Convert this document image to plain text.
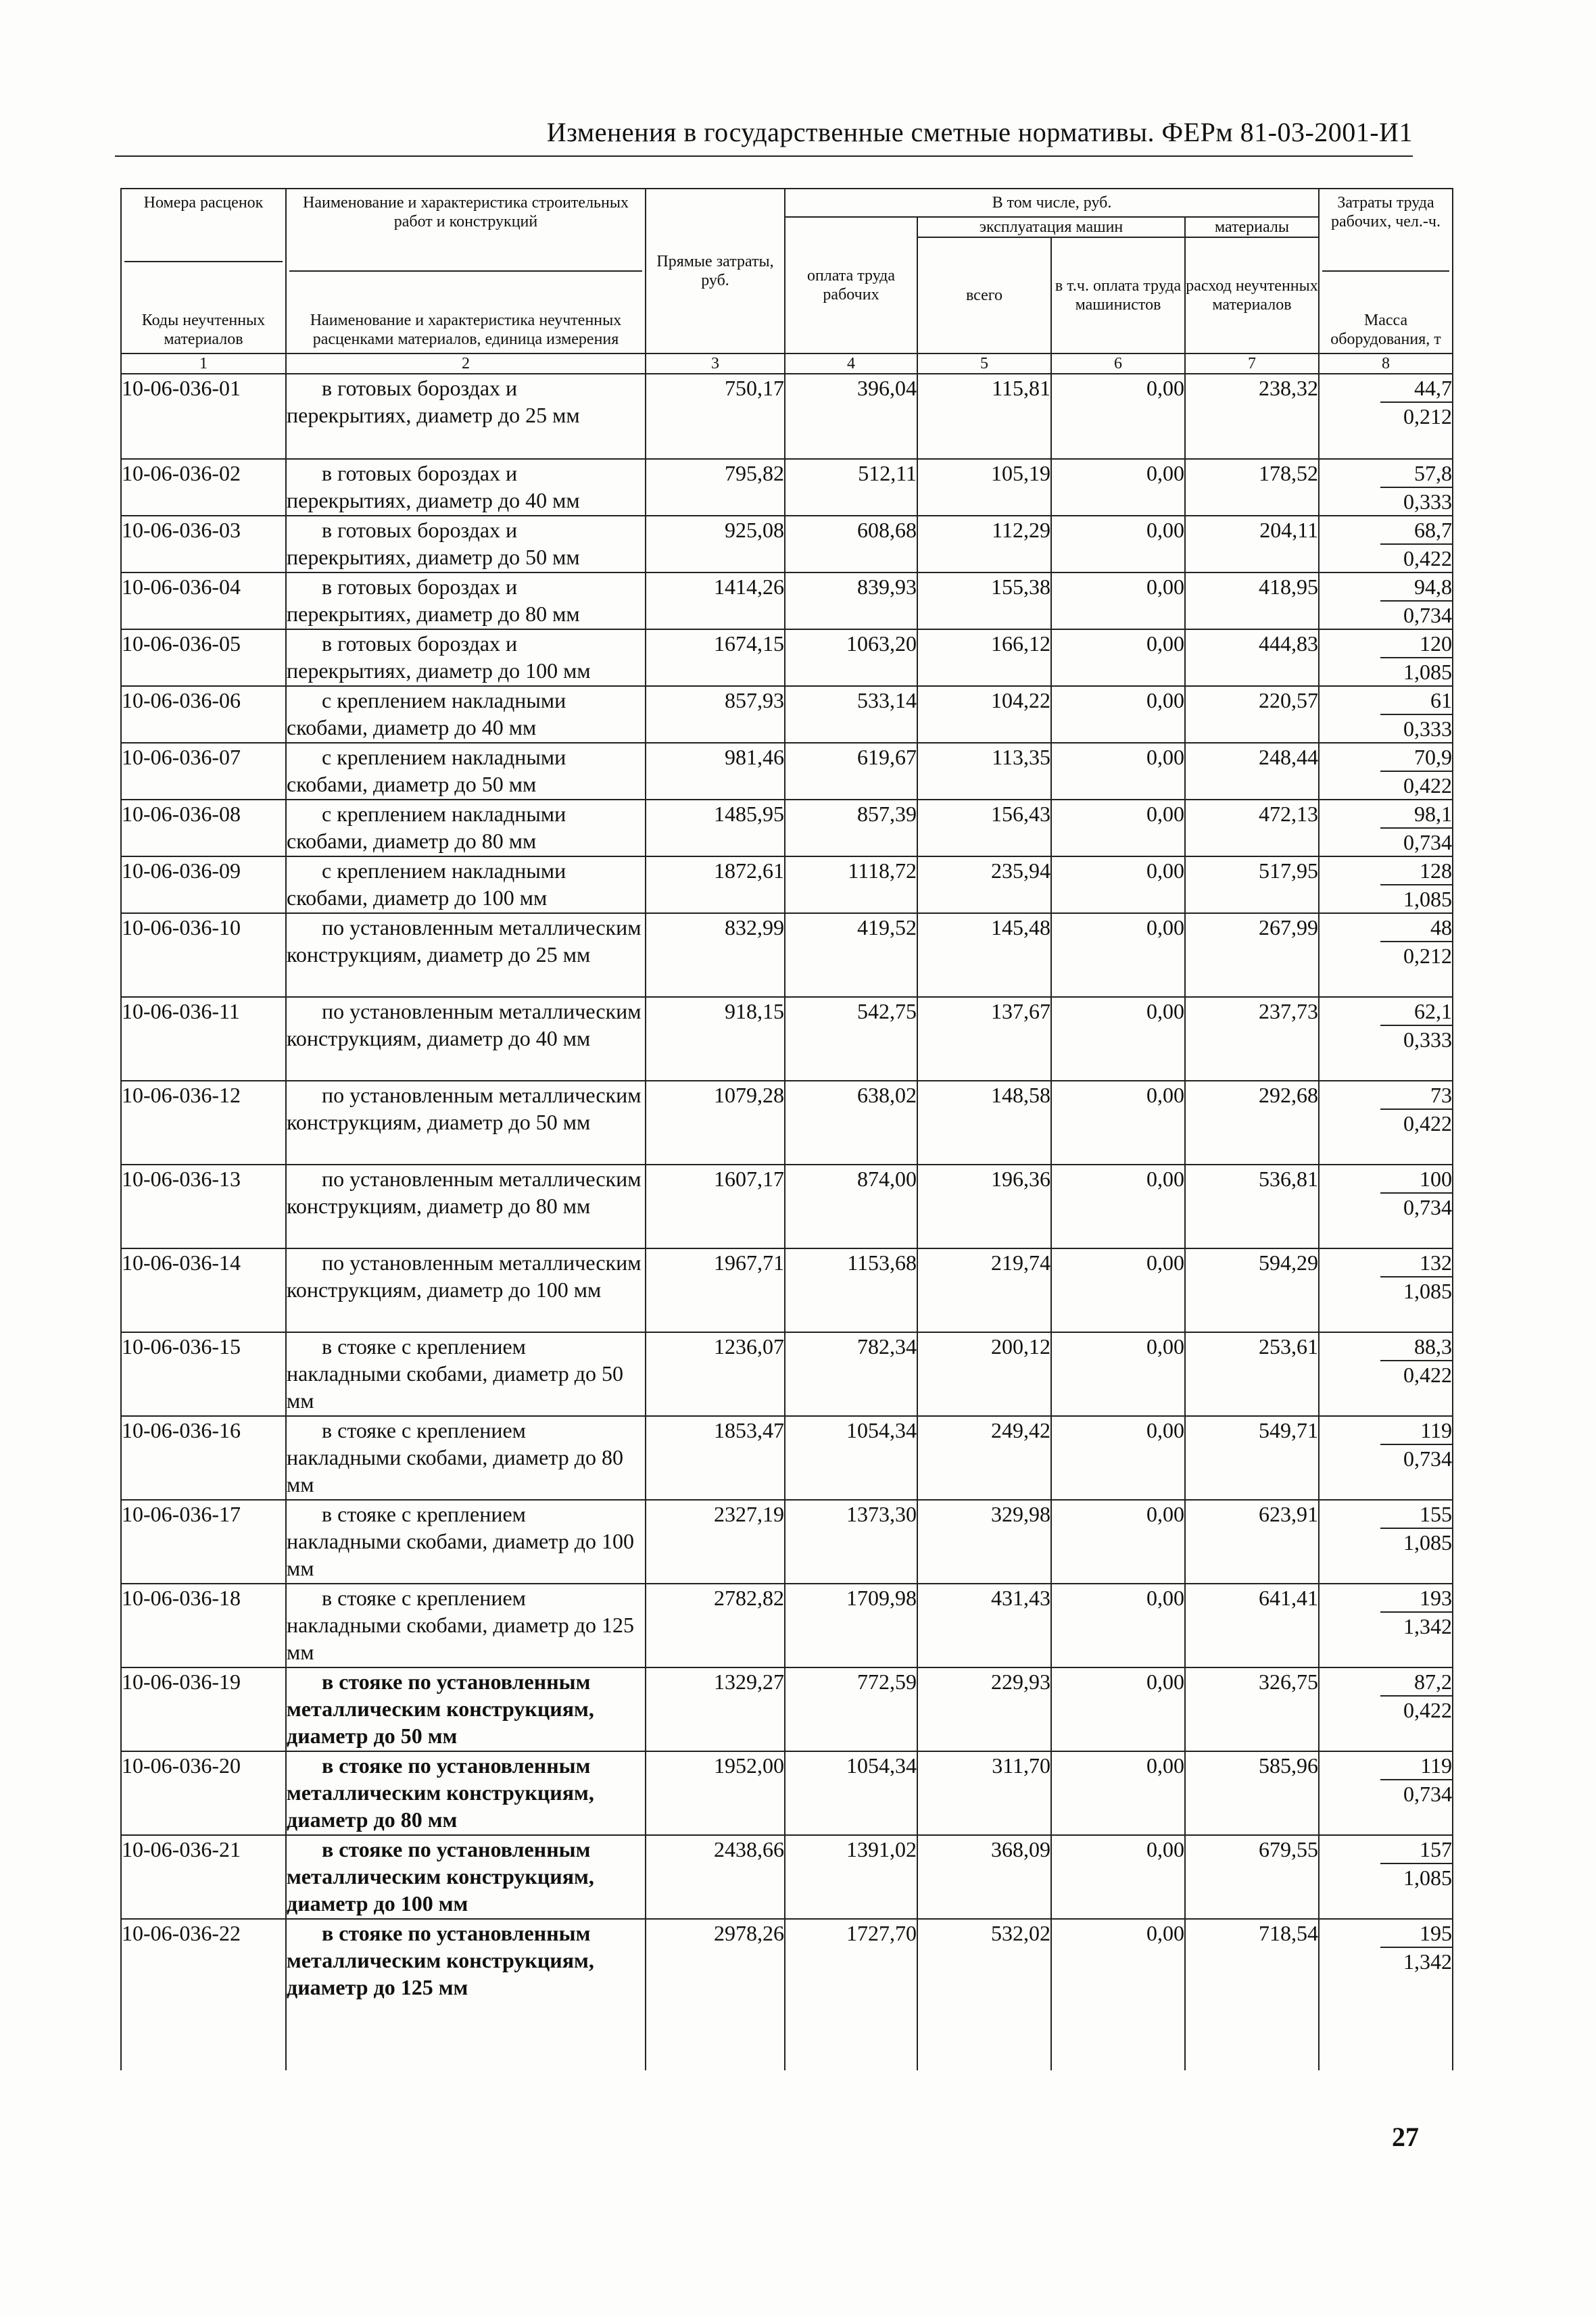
Изменения в государственные сметные нормативы. ФЕРм 81-03-2001-И1
Номера расценок
Коды неучтенных материалов	Наименование и характеристика строительных работ и конструкций
Наименование и характеристика неучтенных расценками материалов, единица измерения	Прямые затраты, руб.	В том числе, руб.				Затраты труда рабочих, чел.-ч.
Масса оборудования, т

			оплата труда рабочих	эксплуатация машин		материалы	
				всего	в т.ч. оплата труда машинистов	расход неучтенных материалов	
1	2	3	4	5	6	7	8
10-06-036-01	в готовых бороздах и перекрытиях, диаметр до 25 мм	750,17	396,04	115,81	0,00	238,32	44,7
0,212

10-06-036-02	в готовых бороздах и перекрытиях, диаметр до 40 мм	795,82	512,11	105,19	0,00	178,52	57,8
0,333

10-06-036-03	в готовых бороздах и перекрытиях, диаметр до 50 мм	925,08	608,68	112,29	0,00	204,11	68,7
0,422

10-06-036-04	в готовых бороздах и перекрытиях, диаметр до 80 мм	1414,26	839,93	155,38	0,00	418,95	94,8
0,734

10-06-036-05	в готовых бороздах и перекрытиях, диаметр до 100 мм	1674,15	1063,20	166,12	0,00	444,83	120
1,085

10-06-036-06	с креплением накладными скобами, диаметр до 40 мм	857,93	533,14	104,22	0,00	220,57	61
0,333

10-06-036-07	с креплением накладными скобами, диаметр до 50 мм	981,46	619,67	113,35	0,00	248,44	70,9
0,422

10-06-036-08	с креплением накладными скобами, диаметр до 80 мм	1485,95	857,39	156,43	0,00	472,13	98,1
0,734

10-06-036-09	с креплением накладными скобами, диаметр до 100 мм	1872,61	1118,72	235,94	0,00	517,95	128
1,085

10-06-036-10	по установленным металлическим конструкциям, диаметр до 25 мм	832,99	419,52	145,48	0,00	267,99	48
0,212

10-06-036-11	по установленным металлическим конструкциям, диаметр до 40 мм	918,15	542,75	137,67	0,00	237,73	62,1
0,333

10-06-036-12	по установленным металлическим конструкциям, диаметр до 50 мм	1079,28	638,02	148,58	0,00	292,68	73
0,422

10-06-036-13	по установленным металлическим конструкциям, диаметр до 80 мм	1607,17	874,00	196,36	0,00	536,81	100
0,734

10-06-036-14	по установленным металлическим конструкциям, диаметр до 100 мм	1967,71	1153,68	219,74	0,00	594,29	132
1,085

10-06-036-15	в стояке с креплением накладными скобами, диаметр до 50 мм	1236,07	782,34	200,12	0,00	253,61	88,3
0,422

10-06-036-16	в стояке с креплением накладными скобами, диаметр до 80 мм	1853,47	1054,34	249,42	0,00	549,71	119
0,734

10-06-036-17	в стояке с креплением накладными скобами, диаметр до 100 мм	2327,19	1373,30	329,98	0,00	623,91	155
1,085

10-06-036-18	в стояке с креплением накладными скобами, диаметр до 125 мм	2782,82	1709,98	431,43	0,00	641,41	193
1,342

10-06-036-19	в стояке по установленным металлическим конструкциям, диаметр до 50 мм	1329,27	772,59	229,93	0,00	326,75	87,2
0,422

10-06-036-20	в стояке по установленным металлическим конструкциям, диаметр до 80 мм	1952,00	1054,34	311,70	0,00	585,96	119
0,734

10-06-036-21	в стояке по установленным металлическим конструкциям, диаметр до 100 мм	2438,66	1391,02	368,09	0,00	679,55	157
1,085

10-06-036-22	в стояке по установленным металлическим конструкциям, диаметр до 125 мм	2978,26	1727,70	532,02	0,00	718,54	195
1,342

27
